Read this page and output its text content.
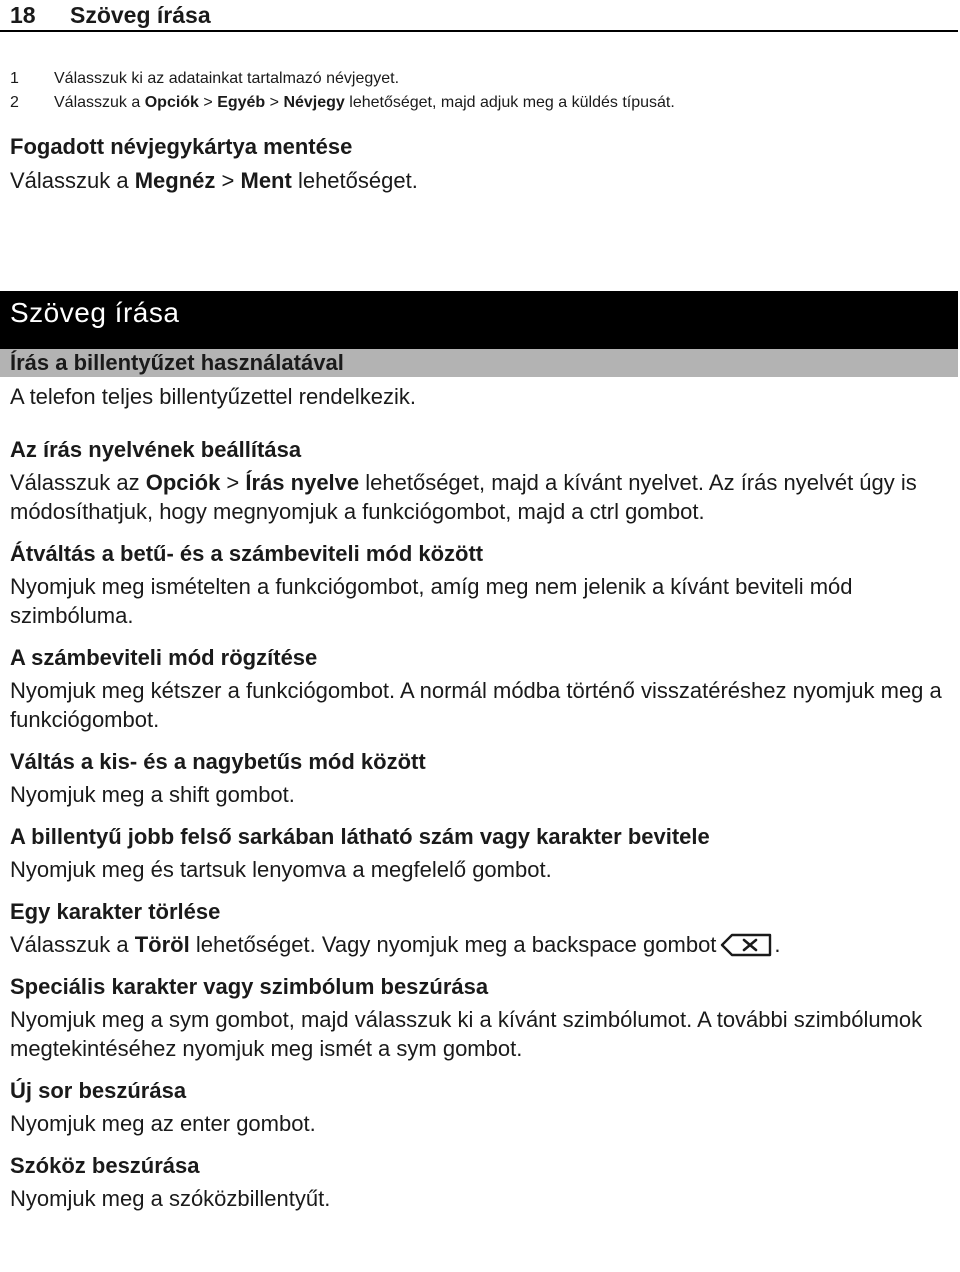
18 Szöveg írása
1	Válasszuk ki az adatainkat tartalmazó névjegyet.
2	Válasszuk a Opciók > Egyéb > Névjegy lehetőséget, majd adjuk meg a küldés típusát.

Fogadott névjegykártya mentése

Válasszuk a Megnéz > Ment lehetőséget.

Szöveg írása
Írás a billentyűzet használatával

A telefon teljes billentyűzettel rendelkezik.

Az írás nyelvének beállítása

Válasszuk az Opciók > Írás nyelve lehetőséget, majd a kívánt nyelvet. Az írás nyelvét úgy is módosíthatjuk, hogy megnyomjuk a funkciógombot, majd a ctrl gombot.

Átváltás a betű- és a számbeviteli mód között

Nyomjuk meg ismételten a funkciógombot, amíg meg nem jelenik a kívánt beviteli mód szimbóluma.

A számbeviteli mód rögzítése

Nyomjuk meg kétszer a funkciógombot. A normál módba történő visszatéréshez nyomjuk meg a funkciógombot.

Váltás a kis- és a nagybetűs mód között

Nyomjuk meg a shift gombot.

A billentyű jobb felső sarkában látható szám vagy karakter bevitele

Nyomjuk meg és tartsuk lenyomva a megfelelő gombot.

Egy karakter törlése

Válasszuk a Töröl lehetőséget. Vagy nyomjuk meg a backspace gombot	.

Speciális karakter vagy szimbólum beszúrása

Nyomjuk meg a sym gombot, majd válasszuk ki a kívánt szimbólumot. A további szimbólumok megtekintéséhez nyomjuk meg ismét a sym gombot.

Új sor beszúrása

Nyomjuk meg az enter gombot.

Szóköz beszúrása

Nyomjuk meg a szóközbillentyűt.
